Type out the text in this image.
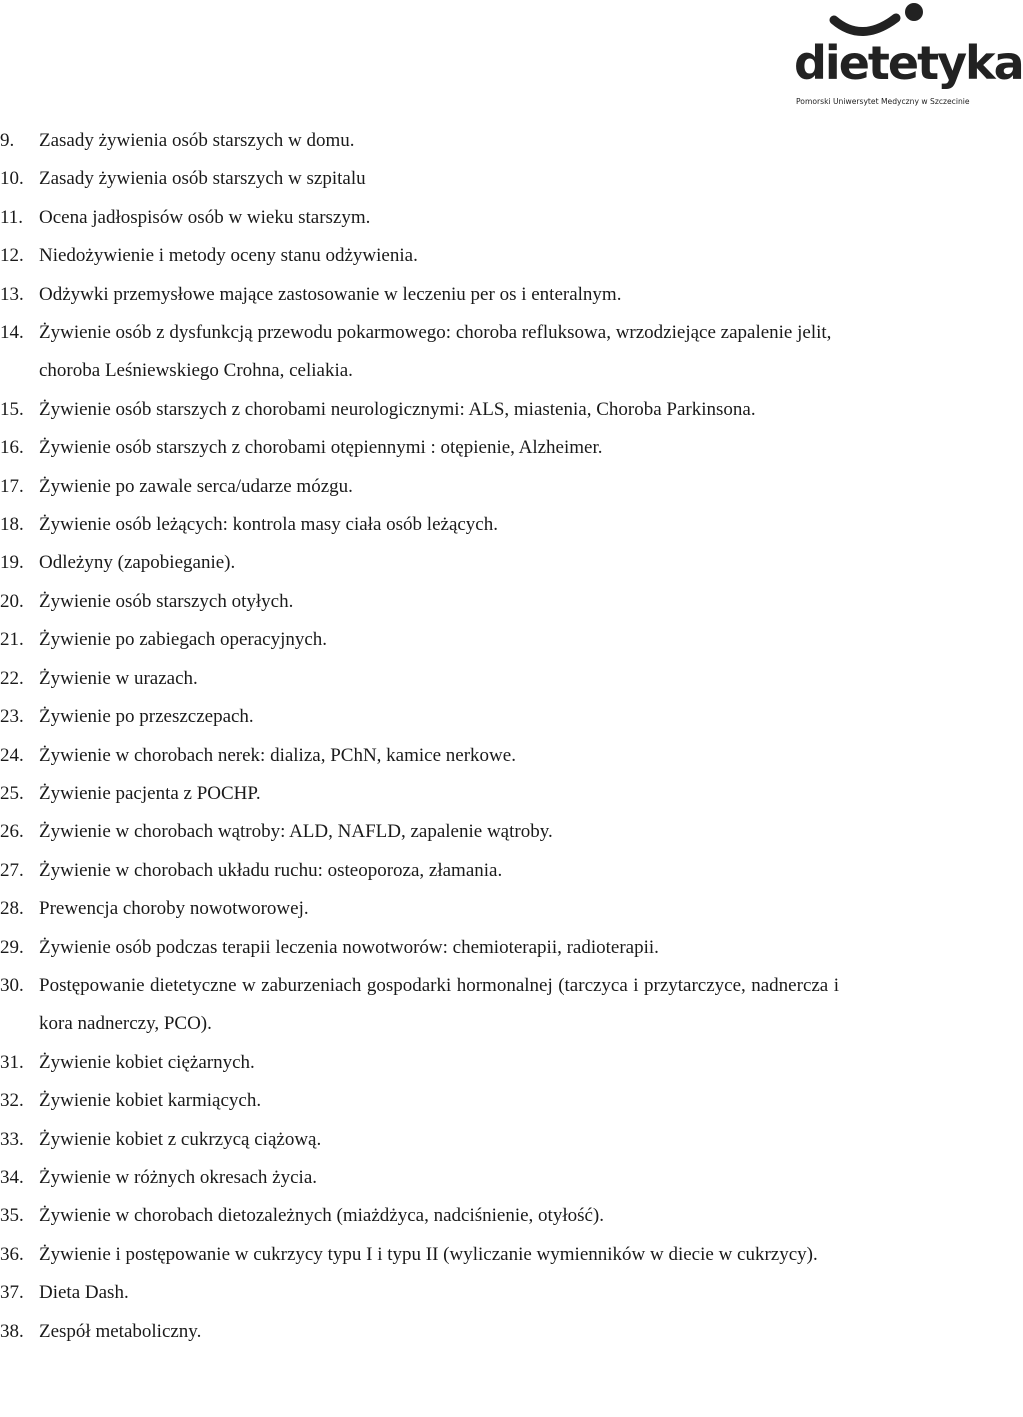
dietetyka
Pomorski Uniwersytet Medyczny w Szczecinie
9. Zasady żywienia osób starszych w domu.
10. Zasady żywienia osób starszych w szpitalu
11. Ocena jadłospisów osób w wieku starszym.
12. Niedożywienie i metody oceny stanu odżywienia.
13. Odżywki przemysłowe mające zastosowanie w leczeniu per os i enteralnym.
14. Żywienie osób z dysfunkcją przewodu pokarmowego: choroba refluksowa, wrzodziejące zapalenie jelit, choroba Leśniewskiego Crohna, celiakia.
15. Żywienie osób starszych z chorobami neurologicznymi: ALS, miastenia, Choroba Parkinsona.
16. Żywienie osób starszych z chorobami otępiennymi : otępienie, Alzheimer.
17. Żywienie po zawale serca/udarze mózgu.
18. Żywienie osób leżących: kontrola masy ciała osób leżących.
19. Odleżyny (zapobieganie).
20. Żywienie osób starszych otyłych.
21. Żywienie po zabiegach operacyjnych.
22. Żywienie w urazach.
23. Żywienie po przeszczepach.
24. Żywienie w chorobach nerek: dializa, PChN, kamice nerkowe.
25. Żywienie pacjenta z POCHP.
26. Żywienie w chorobach wątroby: ALD, NAFLD, zapalenie wątroby.
27. Żywienie w chorobach układu ruchu: osteoporoza, złamania.
28. Prewencja choroby nowotworowej.
29. Żywienie osób podczas terapii leczenia nowotworów: chemioterapii, radioterapii.
30. Postępowanie dietetyczne w zaburzeniach gospodarki hormonalnej (tarczyca i przytarczyce, nadnercza i kora nadnerczy, PCO).
31. Żywienie kobiet ciężarnych.
32. Żywienie kobiet karmiących.
33. Żywienie kobiet z cukrzycą ciążową.
34. Żywienie w różnych okresach życia.
35. Żywienie w chorobach dietozależnych (miażdżyca, nadciśnienie, otyłość).
36. Żywienie i postępowanie w cukrzycy typu I i typu II (wyliczanie wymienników w diecie w cukrzycy).
37. Dieta Dash.
38. Zespół metaboliczny.
